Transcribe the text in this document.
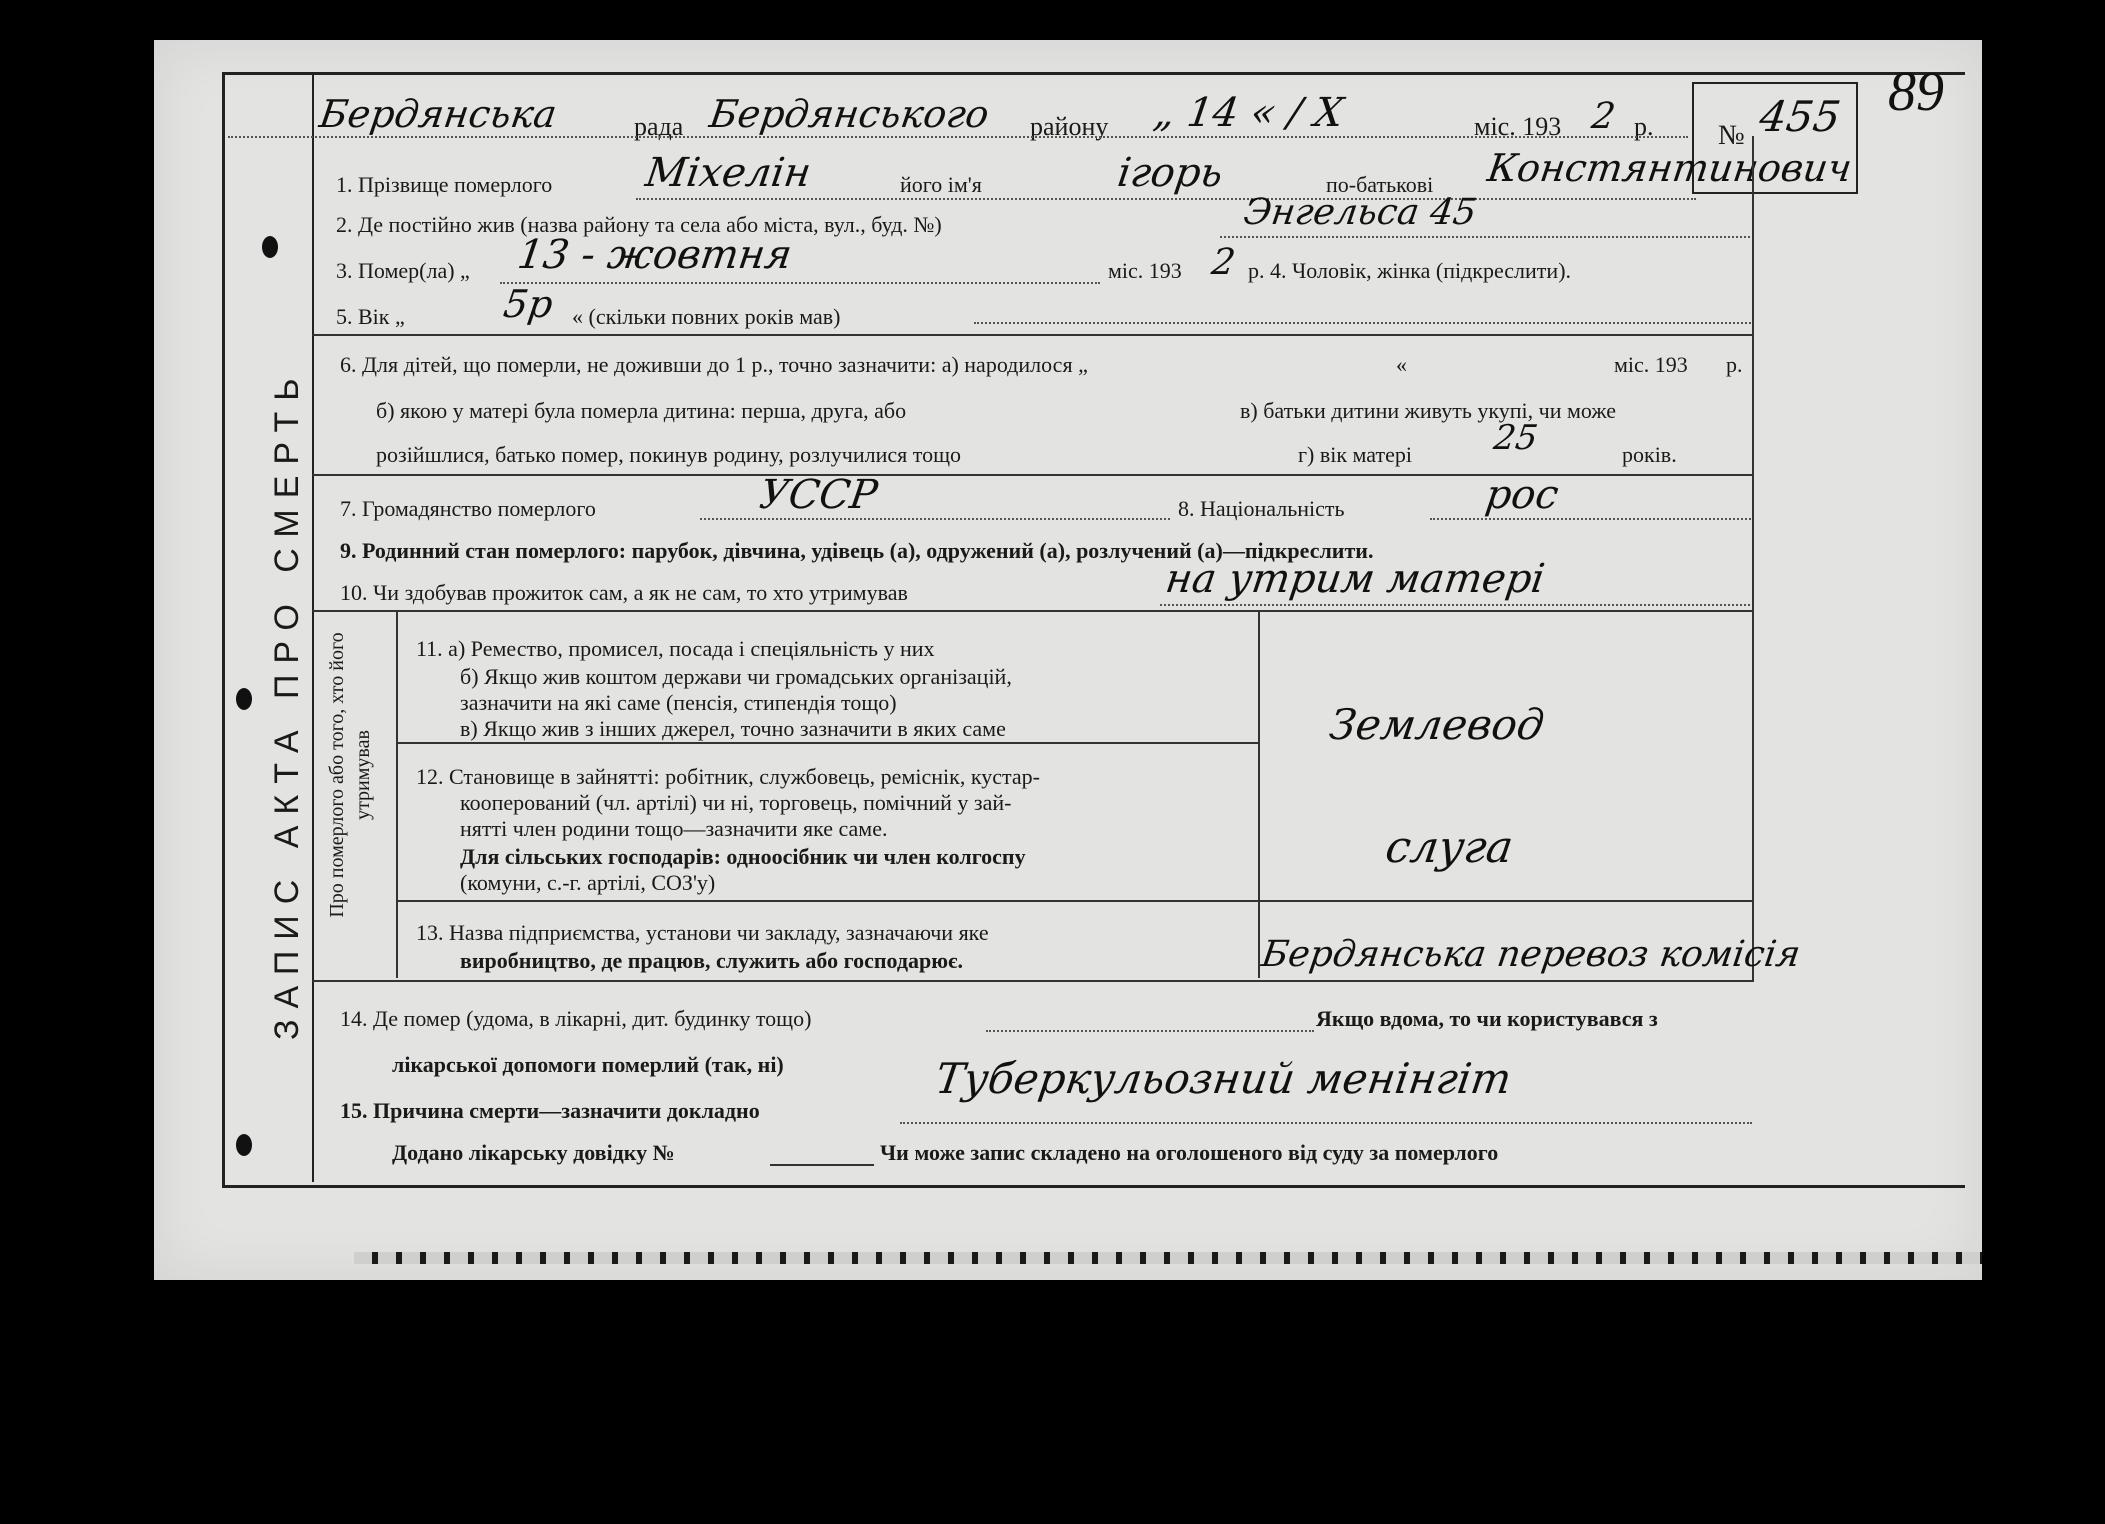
ЗАПИС АКТА ПРО СМЕРТЬ
89
Бердянська	рада Бердянського району „ 14 « / Х	міс. 193 2 р. № 455
1. Прізвище померлого Міхелін	його ім'я	ігорь	по-батькові Констянтинович
2. Де постійно жив (назва району та села або міста, вул., буд. №)	Энгельса 45
3. Помер(ла) „ 13 - жовтня	міс. 193 2 р. 4. Чоловік, жінка (підкреслити).
5. Вік „	5р « (скільки повних років мав)
6. Для дітей, що померли, не доживши до 1 р., точно зазначити: а) народилося „	«	міс. 193 р.
б) якою у матері була померла дитина: перша, друга, або	в) батьки дитини живуть укупі, чи може
розійшлися, батько помер, покинув родину, розлучилися тощо	г) вік матері 25	років.
7. Громадянство померлого	УССР	8. Національність	рос
9. Родинний стан померлого: парубок, дівчина, удівець (а), одружений (а), розлучений (а)—підкреслити.
10. Чи здобував прожиток сам, а як не сам, то хто утримував	на утрим матері
Про померлого або того, хто його утримував
11. а) Ремество, промисел, посада і спеціяльність у них
б) Якщо жив коштом держави чи громадських організацій,
зазначити на які саме (пенсія, стипендія тощо)
в) Якщо жив з інших джерел, точно зазначити в яких саме	Землевод
12. Становище в зайнятті: робітник, службовець, реміснік, кустар-
кооперований (чл. артілі) чи ні, торговець, помічний у зай-
нятті член родини тощо—зазначити яке саме.
Для сільських господарів: одноосібник чи член колгоспу
(комуни, с.-г. артілі, СОЗ'у)
слуга
13. Назва підприємства, установи чи закладу, зазначаючи яке
виробництво, де працюв, служить або господарює.	Бердянська перевоз комісія
14. Де помер (удома, в лікарні, дит. будинку тощо)	Якщо вдома, то чи користувався з
лікарської допомоги померлий (так, ні)
15. Причина смерти—зазначити докладно
Туберкульозний менінгіт
Додано лікарську довідку №	Чи може запис складено на оголошеного від суду за померлого
